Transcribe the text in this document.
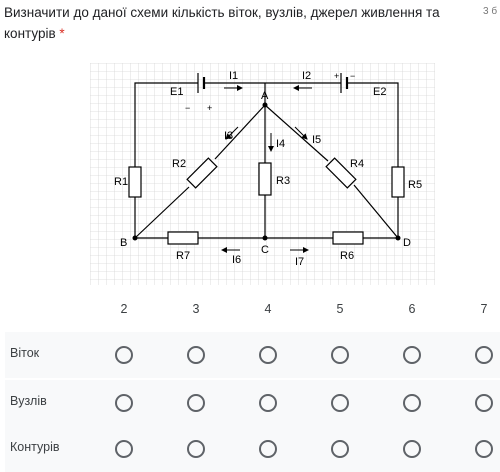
Визначити до даної схеми кількість віток, вузлів, джерел живлення та контурів *
3 б
A
B
C
D
E1	E2
− +
+ −
R1
R2
R3
R4
R5
R6
R7
I1	I2
I3
I4 I5
I6	I7
2	3	4	5	6	7
Віток
Вузлів
Контурів
